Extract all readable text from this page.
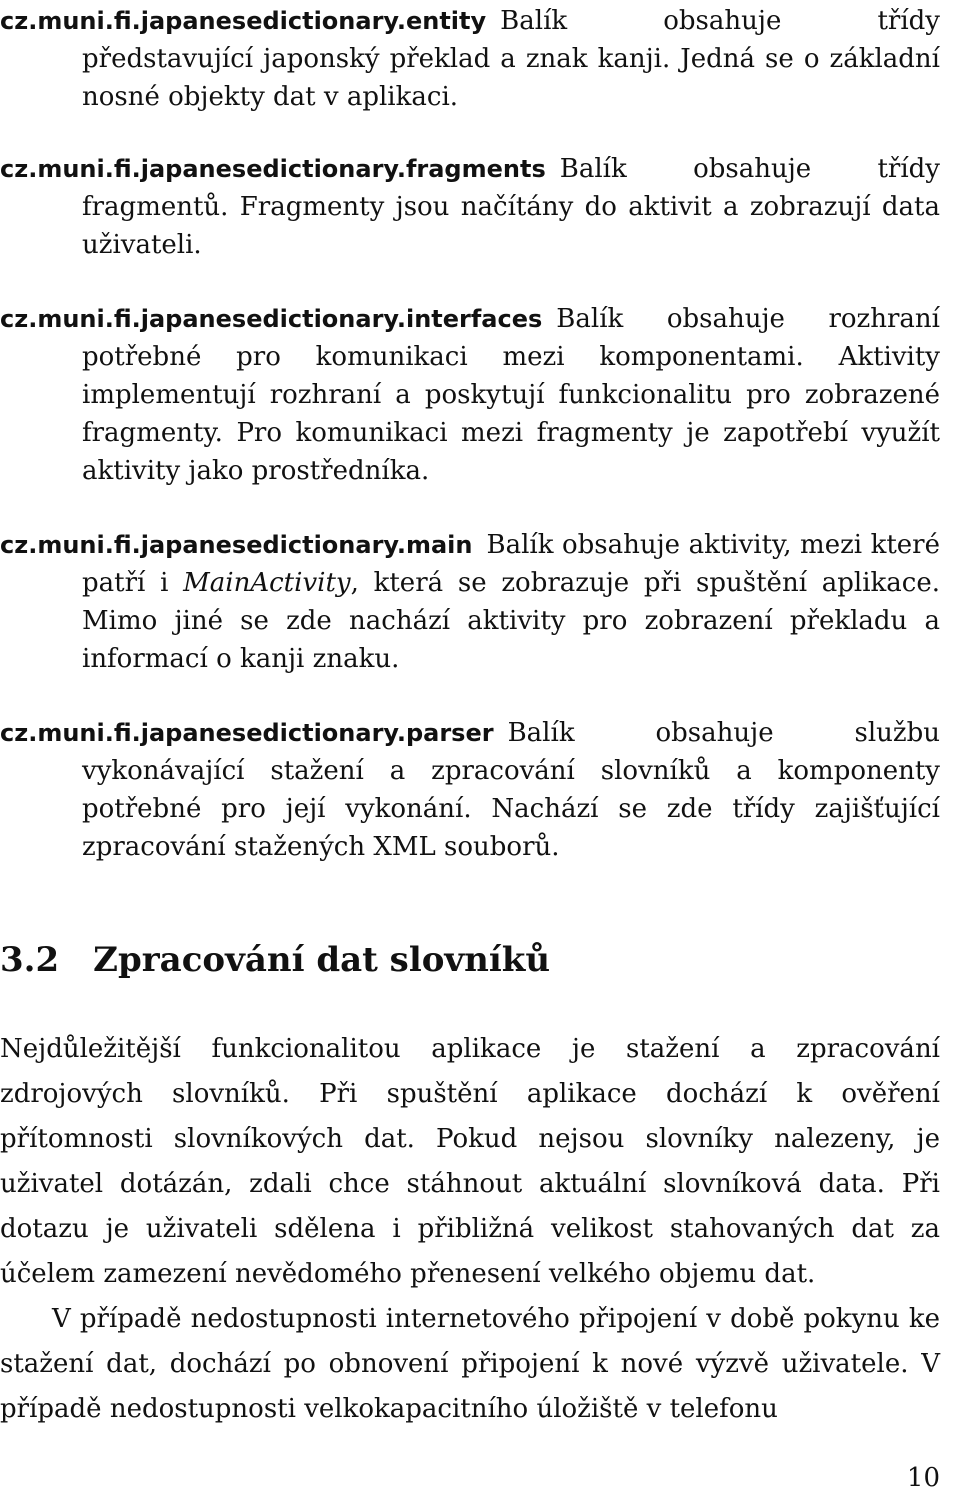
cz.muni.fi.japanesedictionary.entity Balík obsahuje třídy představující japonský překlad a znak kanji. Jedná se o základní nosné objekty dat v aplikaci.
cz.muni.fi.japanesedictionary.fragments Balík obsahuje třídy fragmentů. Fragmenty jsou načítány do aktivit a zobrazují data uživateli.
cz.muni.fi.japanesedictionary.interfaces Balík obsahuje rozhraní potřebné pro komunikaci mezi komponentami. Aktivity implementují rozhraní a poskytují funkcionalitu pro zobrazené fragmenty. Pro komunikaci mezi fragmenty je zapotřebí využít aktivity jako prostředníka.
cz.muni.fi.japanesedictionary.main Balík obsahuje aktivity, mezi které patří i MainActivity, která se zobrazuje při spuštění aplikace. Mimo jiné se zde nachází aktivity pro zobrazení překladu a informací o kanji znaku.
cz.muni.fi.japanesedictionary.parser Balík obsahuje službu vykonávající stažení a zpracování slovníků a komponenty potřebné pro její vykonání. Nachází se zde třídy zajišťující zpracování stažených XML souborů.
3.2 Zpracování dat slovníků

Nejdůležitější funkcionalitou aplikace je stažení a zpracování zdrojových slovníků. Při spuštění aplikace dochází k ověření přítomnosti slovníkových dat. Pokud nejsou slovníky nalezeny, je uživatel dotázán, zdali chce stáhnout aktuální slovníková data. Při dotazu je uživateli sdělena i přibližná velikost stahovaných dat za účelem zamezení nevědomého přenesení velkého objemu dat.

V případě nedostupnosti internetového připojení v době pokynu ke stažení dat, dochází po obnovení připojení k nové výzvě uživatele. V případě nedostupnosti velkokapacitního úložiště v telefonu

10
